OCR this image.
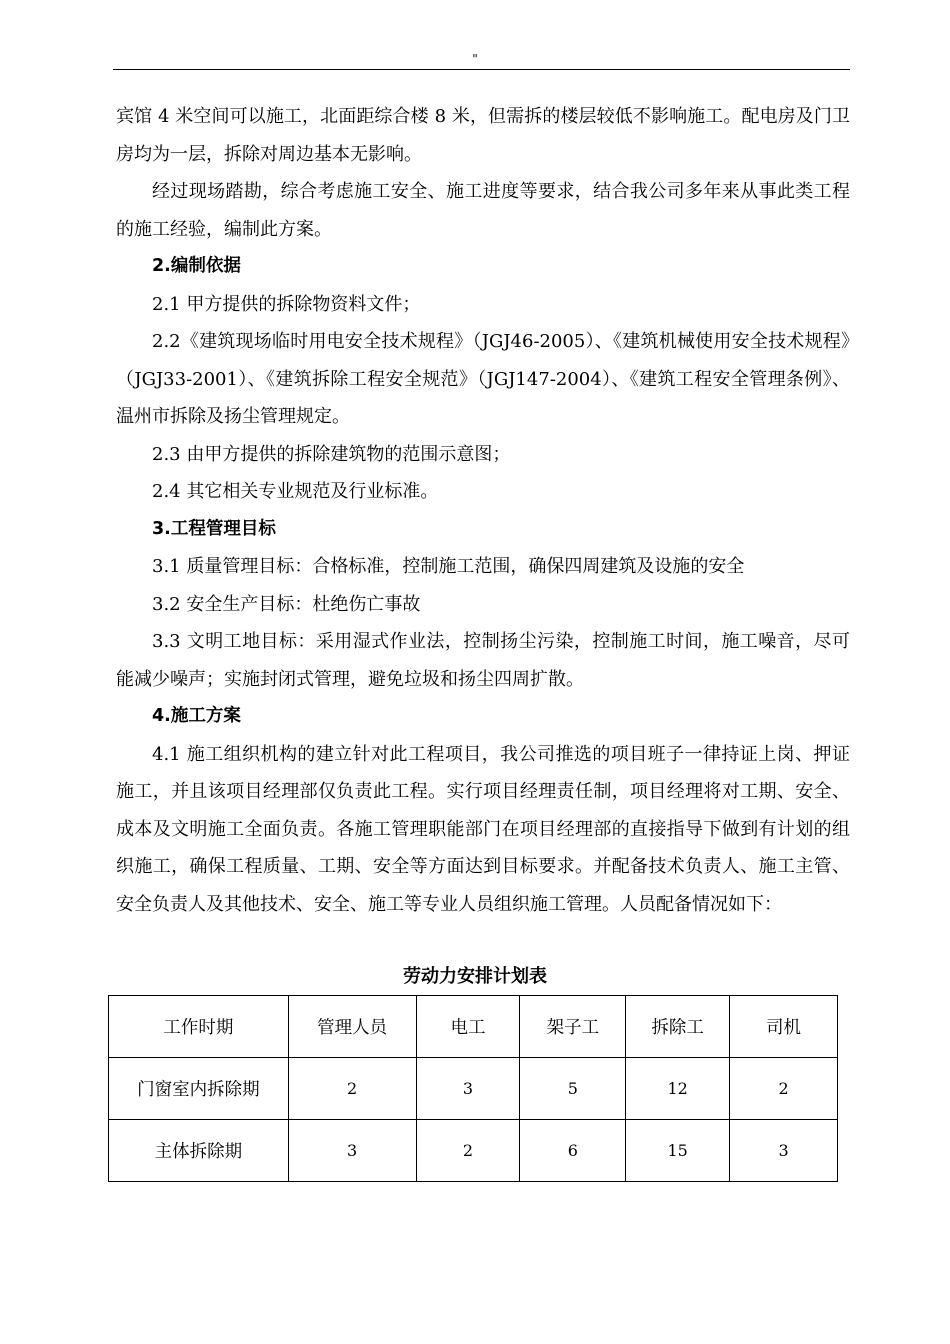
"

宾馆 4 米空间可以施工，北面距综合楼 8 米，但需拆的楼层较低不影响施工。配电房及门卫房均为一层，拆除对周边基本无影响。

经过现场踏勘，综合考虑施工安全、施工进度等要求，结合我公司多年来从事此类工程的施工经验，编制此方案。

2.编制依据

2.1 甲方提供的拆除物资料文件；

2.2《建筑现场临时用电安全技术规程》（JGJ46-2005）、《建筑机械使用安全技术规程》（JGJ33-2001）、《建筑拆除工程安全规范》（JGJ147-2004）、《建筑工程安全管理条例》、温州市拆除及扬尘管理规定。

2.3 由甲方提供的拆除建筑物的范围示意图；

2.4 其它相关专业规范及行业标准。

3.工程管理目标

3.1 质量管理目标：合格标准，控制施工范围，确保四周建筑及设施的安全

3.2 安全生产目标：杜绝伤亡事故

3.3 文明工地目标：采用湿式作业法，控制扬尘污染，控制施工时间，施工噪音，尽可能减少噪声；实施封闭式管理，避免垃圾和扬尘四周扩散。

4.施工方案

4.1 施工组织机构的建立针对此工程项目，我公司推选的项目班子一律持证上岗、押证施工，并且该项目经理部仅负责此工程。实行项目经理责任制，项目经理将对工期、安全、成本及文明施工全面负责。各施工管理职能部门在项目经理部的直接指导下做到有计划的组织施工，确保工程质量、工期、安全等方面达到目标要求。并配备技术负责人、施工主管、安全负责人及其他技术、安全、施工等专业人员组织施工管理。人员配备情况如下：

劳动力安排计划表
工作时期	管理人员	电工	架子工	拆除工	司机
门窗室内拆除期	2	3	5	12	2
主体拆除期	3	2	6	15	3
